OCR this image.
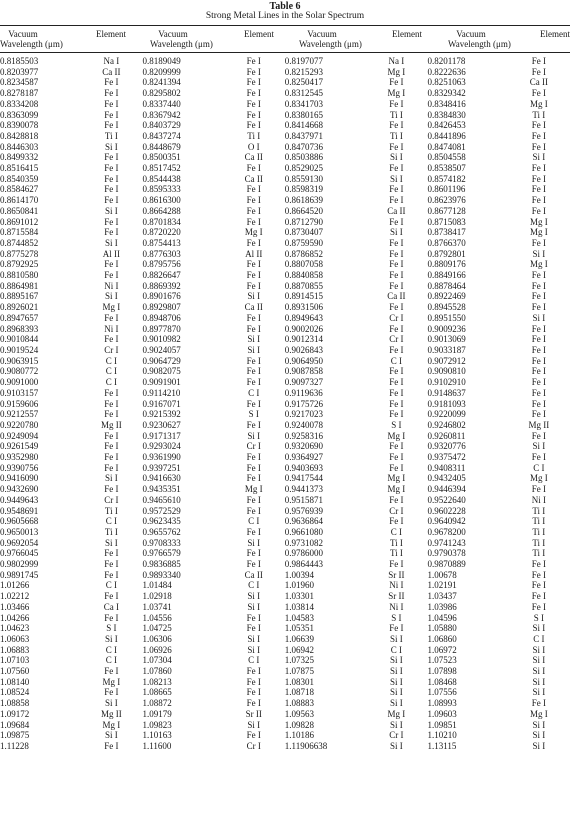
Table 6
Strong Metal Lines in the Solar Spectrum
Vacuum
Wavelength (μm)
Element	Vacuum
Wavelength (μm)
Element	Vacuum
Wavelength (μm)
Element	Vacuum
Wavelength (μm)
Element
0.8185503	Na I	0.8189049	Fe I	0.8197077	Na I	0.8201178	Fe I
0.8203977	Ca II	0.8209999	Fe I	0.8215293	Mg I	0.8222636	Fe I
0.8234587	Fe I	0.8241394	Fe I	0.8250417	Fe I	0.8251063	Ca II
0.8278187	Fe I	0.8295802	Fe I	0.8312545	Mg I	0.8329342	Fe I
0.8334208	Fe I	0.8337440	Fe I	0.8341703	Fe I	0.8348416	Mg I
0.8363099	Fe I	0.8367942	Fe I	0.8380165	Ti I	0.8384830	Ti I
0.8390078	Fe I	0.8403729	Fe I	0.8414668	Fe I	0.8426453	Fe I
0.8428818	Ti I	0.8437274	Ti I	0.8437971	Ti I	0.8441896	Fe I
0.8446303	Si I	0.8448679	O I	0.8470736	Fe I	0.8474081	Fe I
0.8499332	Fe I	0.8500351	Ca II	0.8503886	Si I	0.8504558	Si I
0.8516415	Fe I	0.8517452	Fe I	0.8529025	Fe I	0.8538507	Fe I
0.8540359	Fe I	0.8544438	Ca II	0.8559130	Si I	0.8574182	Fe I
0.8584627	Fe I	0.8595333	Fe I	0.8598319	Fe I	0.8601196	Fe I
0.8614170	Fe I	0.8616300	Fe I	0.8618639	Fe I	0.8623976	Fe I
0.8650841	Si I	0.8664288	Fe I	0.8664520	Ca II	0.8677128	Fe I
0.8691012	Fe I	0.8701834	Fe I	0.8712790	Fe I	0.8715083	Mg I
0.8715584	Fe I	0.8720220	Mg I	0.8730407	Si I	0.8738417	Mg I
0.8744852	Si I	0.8754413	Fe I	0.8759590	Fe I	0.8766370	Fe I
0.8775278	Al II	0.8776303	Al II	0.8786852	Fe I	0.8792801	Si I
0.8792925	Fe I	0.8795756	Fe I	0.8807058	Fe I	0.8809176	Mg I
0.8810580	Fe I	0.8826647	Fe I	0.8840858	Fe I	0.8849166	Fe I
0.8864981	Ni I	0.8869392	Fe I	0.8870855	Fe I	0.8878464	Fe I
0.8895167	Si I	0.8901676	Si I	0.8914515	Ca II	0.8922469	Fe I
0.8926021	Mg I	0.8929807	Ca II	0.8931506	Fe I	0.8945528	Fe I
0.8947657	Fe I	0.8948706	Fe I	0.8949643	Cr I	0.8951550	Si I
0.8968393	Ni I	0.8977870	Fe I	0.9002026	Fe I	0.9009236	Fe I
0.9010844	Fe I	0.9010982	Si I	0.9012314	Cr I	0.9013069	Fe I
0.9019524	Cr I	0.9024057	Si I	0.9026843	Fe I	0.9033187	Fe I
0.9063915	C I	0.9064729	Fe I	0.9064950	C I	0.9072912	Fe I
0.9080772	C I	0.9082075	Fe I	0.9087858	Fe I	0.9090810	Fe I
0.9091000	C I	0.9091901	Fe I	0.9097327	Fe I	0.9102910	Fe I
0.9103157	Fe I	0.9114210	C I	0.9119636	Fe I	0.9148637	Fe I
0.9159606	Fe I	0.9167071	Fe I	0.9175726	Fe I	0.9181093	Fe I
0.9212557	Fe I	0.9215392	S I	0.9217023	Fe I	0.9220099	Fe I
0.9220780	Mg II	0.9230627	Fe I	0.9240078	S I	0.9246802	Mg II
0.9249094	Fe I	0.9171317	Si I	0.9258316	Mg I	0.9260811	Fe I
0.9261549	Fe I	0.9293024	Cr I	0.9320690	Fe I	0.9320776	Si I
0.9352980	Fe I	0.9361990	Fe I	0.9364927	Fe I	0.9375472	Fe I
0.9390756	Fe I	0.9397251	Fe I	0.9403693	Fe I	0.9408311	C I
0.9416090	Si I	0.9416630	Fe I	0.9417544	Mg I	0.9432405	Mg I
0.9432690	Fe I	0.9435351	Mg I	0.9441373	Mg I	0.9446394	Fe I
0.9449643	Cr I	0.9465610	Fe I	0.9515871	Fe I	0.9522640	Ni I
0.9548691	Ti I	0.9572529	Fe I	0.9576939	Cr I	0.9602228	Ti I
0.9605668	C I	0.9623435	C I	0.9636864	Fe I	0.9640942	Ti I
0.9650013	Ti I	0.9655762	Fe I	0.9661080	C I	0.9678200	Ti I
0.9692054	Si I	0.9708333	Si I	0.9731082	Ti I	0.9741243	Ti I
0.9766045	Fe I	0.9766579	Fe I	0.9786000	Ti I	0.9790378	Ti I
0.9802999	Fe I	0.9836885	Fe I	0.9864443	Fe I	0.9870889	Fe I
0.9891745	Fe I	0.9893340	Ca II	1.00394	Sr II	1.00678	Fe I
1.01266	C I	1.01484	C I	1.01960	Ni I	1.02191	Fe I
1.02212	Fe I	1.02918	Si I	1.03301	Sr II	1.03437	Fe I
1.03466	Ca I	1.03741	Si I	1.03814	Ni I	1.03986	Fe I
1.04266	Fe I	1.04556	Fe I	1.04583	S I	1.04596	S I
1.04623	S I	1.04725	Fe I	1.05351	Fe I	1.05880	Si I
1.06063	Si I	1.06306	Si I	1.06639	Si I	1.06860	C I
1.06883	C I	1.06926	Si I	1.06942	C I	1.06972	Si I
1.07103	C I	1.07304	C I	1.07325	Si I	1.07523	Si I
1.07560	Fe I	1.07860	Fe I	1.07875	Si I	1.07898	Si I
1.08140	Mg I	1.08213	Fe I	1.08301	Si I	1.08468	Si I
1.08524	Fe I	1.08665	Fe I	1.08718	Si I	1.07556	Si I
1.08858	Si I	1.08872	Fe I	1.08883	Si I	1.08993	Fe I
1.09172	Mg II	1.09179	Sr II	1.09563	Mg I	1.09603	Mg I
1.09684	Mg I	1.09823	Si I	1.09828	Si I	1.09851	Si I
1.09875	Si I	1.10163	Fe I	1.10186	Cr I	1.10210	Si I
1.11228	Fe I	1.11600	Cr I	1.11906638	Si I	1.13115	Si I
